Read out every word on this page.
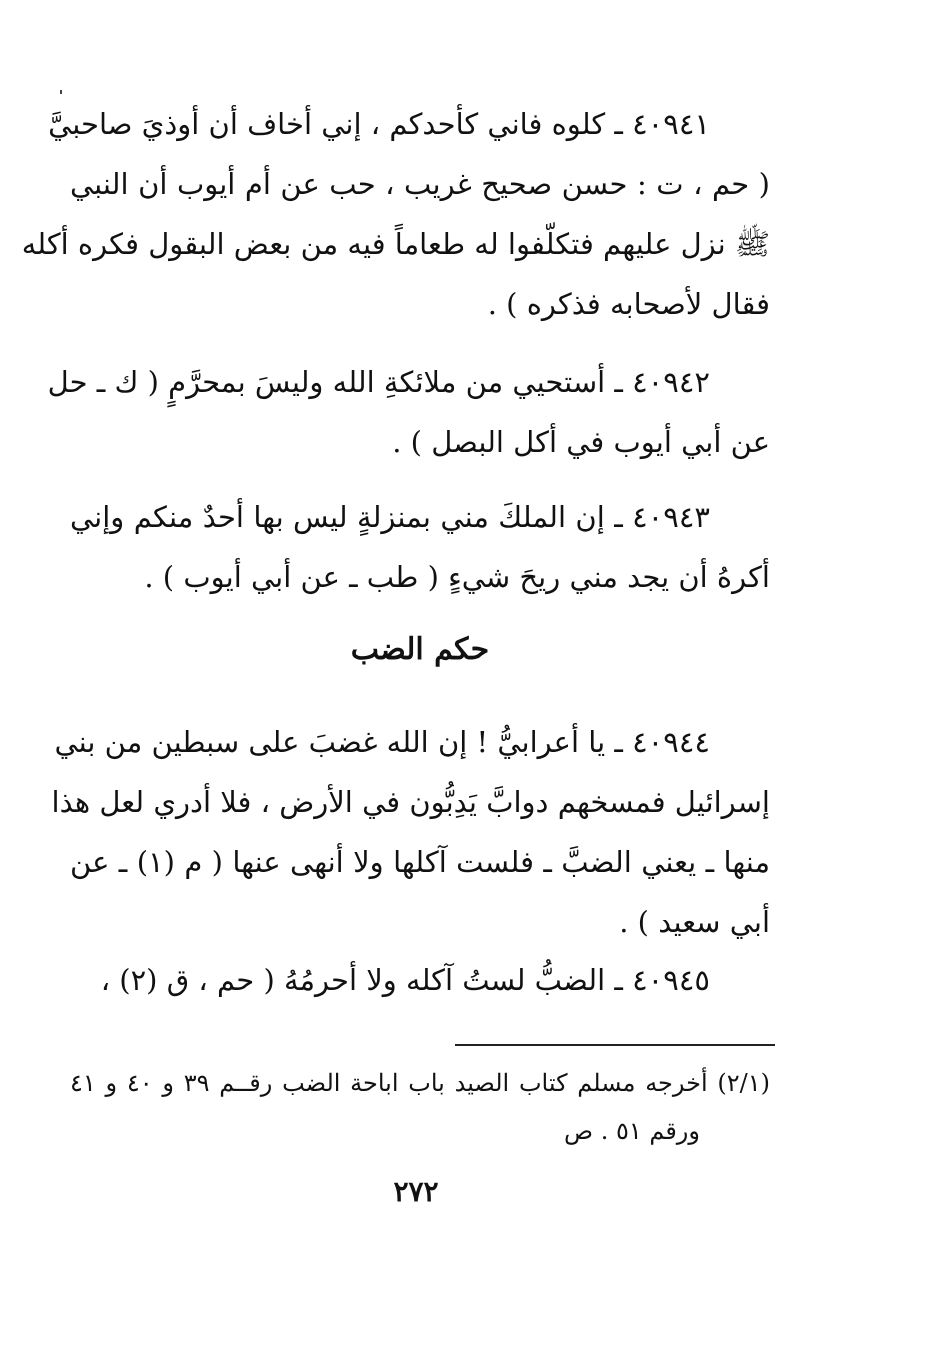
٤٠٩٤١ ـ كلوه فاني كأحدكم ، إني أخاف أن أوذيَ صاحبيَّ
( حم ، ت : حسن صحيح غريب ، حب عن أم أيوب أن النبي
ﷺ نزل عليهم فتكلّفوا له طعاماً فيه من بعض البقول فكره أكله
فقال لأصحابه فذكره ) .
٤٠٩٤٢ ـ أستحيي من ملائكةِ الله وليسَ بمحرَّمٍ ( ك ـ حل
عن أبي أيوب في أكل البصل ) .
٤٠٩٤٣ ـ إن الملكَ مني بمنزلةٍ ليس بها أحدٌ منكم وإني
أكرهُ أن يجد مني ريحَ شيءٍ ( طب ـ عن أبي أيوب ) .
حكم الضب
٤٠٩٤٤ ـ يا أعرابيُّ ! إن الله غضبَ على سبطين من بني
إسرائيل فمسخهم دوابَّ يَدِبُّون في الأرض ، فلا أدري لعل هذا
منها ـ يعني الضبَّ ـ فلست آكلها ولا أنهى عنها ( م (١) ـ عن
أبي سعيد ) .
٤٠٩٤٥ ـ الضبُّ لستُ آكله ولا أحرمُهُ ( حم ، ق (٢) ،
(٢/١) أخرجه مسلم كتاب الصيد باب اباحة الضب رقــم ٣٩ و ٤٠ و ٤١
ورقم ٥١ . ص
٢٧٢
